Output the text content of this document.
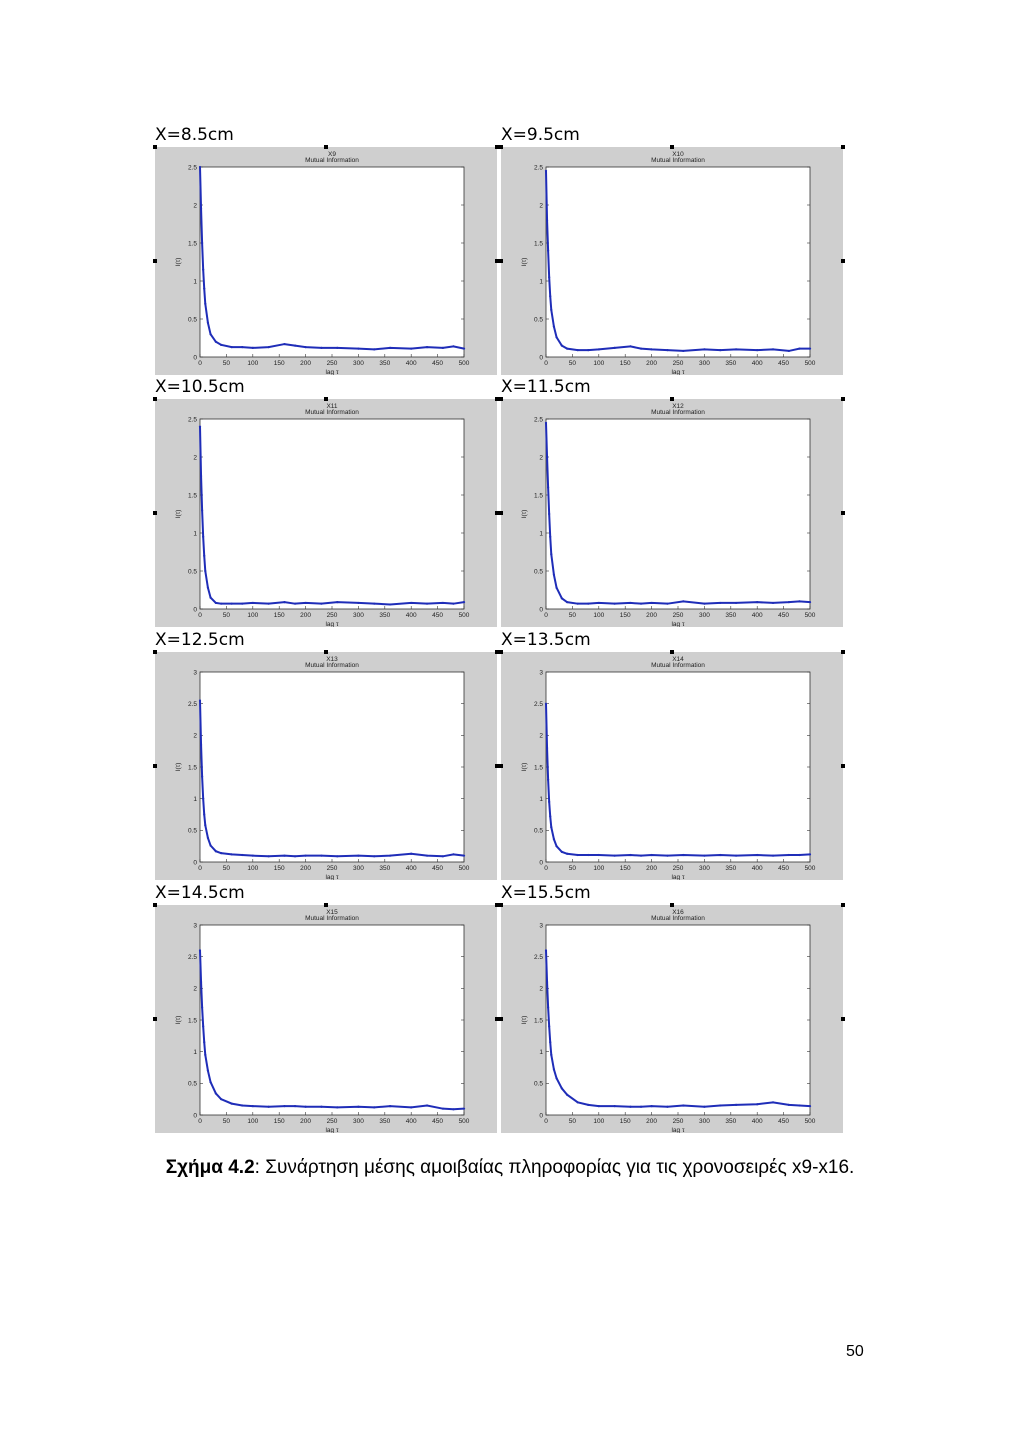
X=8.5cm
X9
Mutual Information
0
0.5
1
1.5
2
2.5
0	50	100 150 200 250 300 350 400 450 500
lag τ
I(τ)
X=9.5cm
X10
Mutual Information
0
0.5
1
1.5
2
2.5
0	50	100 150 200 250 300 350 400 450 500
lag τ
I(τ)
X=10.5cm
X11
Mutual Information
0
0.5
1
1.5
2
2.5
0	50	100 150 200 250 300 350 400 450 500
lag τ
I(τ)
X=11.5cm
X12
Mutual Information
0
0.5
1
1.5
2
2.5
0	50	100 150 200 250 300 350 400 450 500
lag τ
I(τ)
X=12.5cm
X13
Mutual Information
0
0.5
1
1.5
2
2.5
3
0	50	100 150 200 250 300 350 400 450 500
lag τ
I(τ)
X=13.5cm
X14
Mutual Information
0
0.5
1
1.5
2
2.5
3
0	50	100 150 200 250 300 350 400 450 500
lag τ
I(τ)
X=14.5cm
X15
Mutual Information
0
0.5
1
1.5
2
2.5
3
0	50	100 150 200 250 300 350 400 450 500
lag τ
I(τ)
X=15.5cm
X16
Mutual Information
0
0.5
1
1.5
2
2.5
3
0	50	100 150 200 250 300 350 400 450 500
lag τ
I(τ)
Σχήμα 4.2: Συνάρτηση μέσης αμοιβαίας πληροφορίας για τις χρονοσειρές x9-x16.
50
